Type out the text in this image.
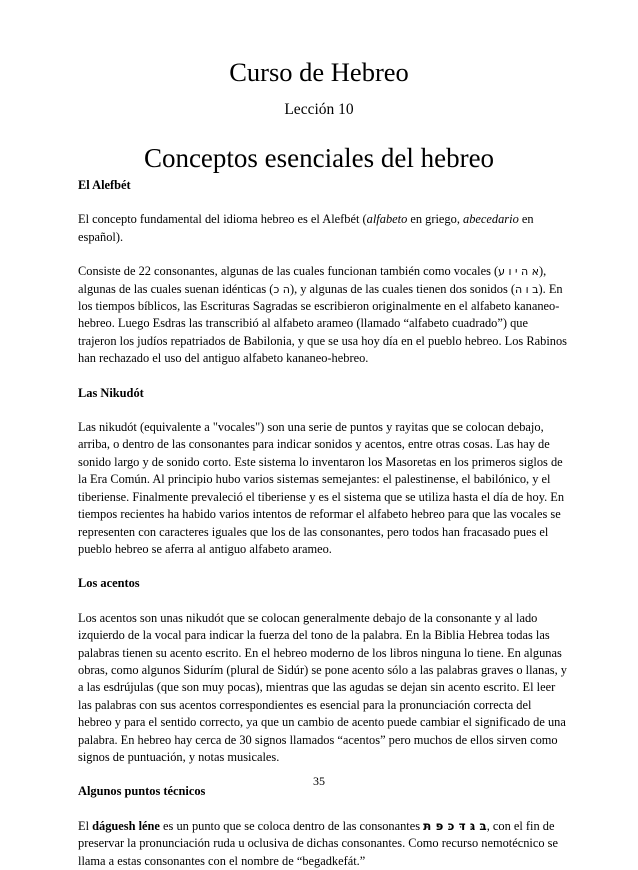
Curso de Hebreo
Lección 10
Conceptos esenciales del hebreo

El Alefbét

El concepto fundamental del idioma hebreo es el Alefbét (alfabeto en griego, abecedario en español).

Consiste de 22 consonantes, algunas de las cuales funcionan también como vocales (א ה י ו ע), algunas de las cuales suenan idénticas (ה כ), y algunas de las cuales tienen dos sonidos (ב ו ה). En los tiempos bíblicos, las Escrituras Sagradas se escribieron originalmente en el alfabeto kananeo-hebreo. Luego Esdras las transcribió al alfabeto arameo (llamado “alfabeto cuadrado”) que trajeron los judíos repatriados de Babilonia, y que se usa hoy día en el pueblo hebreo. Los Rabinos han rechazado el uso del antiguo alfabeto kananeo-hebreo.

Las Nikudót

Las nikudót (equivalente a "vocales") son una serie de puntos y rayitas que se colocan debajo, arriba, o dentro de las consonantes para indicar sonidos y acentos, entre otras cosas. Las hay de sonido largo y de sonido corto. Este sistema lo inventaron los Masoretas en los primeros siglos de la Era Común. Al principio hubo varios sistemas semejantes: el palestinense, el babilónico, y el tiberiense. Finalmente prevaleció el tiberiense y es el sistema que se utiliza hasta el día de hoy. En tiempos recientes ha habido varios intentos de reformar el alfabeto hebreo para que las vocales se representen con caracteres iguales que los de las consonantes, pero todos han fracasado pues el pueblo hebreo se aferra al antiguo alfabeto arameo.

Los acentos

Los acentos son unas nikudót que se colocan generalmente debajo de la consonante y al lado izquierdo de la vocal para indicar la fuerza del tono de la palabra. En la Biblia Hebrea todas las palabras tienen su acento escrito. En el hebreo moderno de los libros ninguna lo tiene. En algunas obras, como algunos Sidurím (plural de Sidúr) se pone acento sólo a las palabras graves o llanas, y a las esdrújulas (que son muy pocas), mientras que las agudas se dejan sin acento escrito. El leer las palabras con sus acentos correspondientes es esencial para la pronunciación correcta del hebreo y para el sentido correcto, ya que un cambio de acento puede cambiar el significado de una palabra. En hebreo hay cerca de 30 signos llamados “acentos” pero muchos de ellos sirven como signos de puntuación, y notas musicales.

Algunos puntos técnicos

El dáguesh léne es un punto que se coloca dentro de las consonantes בּ גּ דּ כּ פּ תּ, con el fin de preservar la pronunciación ruda u oclusiva de dichas consonantes. Como recurso nemotécnico se llama a estas consonantes con el nombre de “begadkefát.”

35
